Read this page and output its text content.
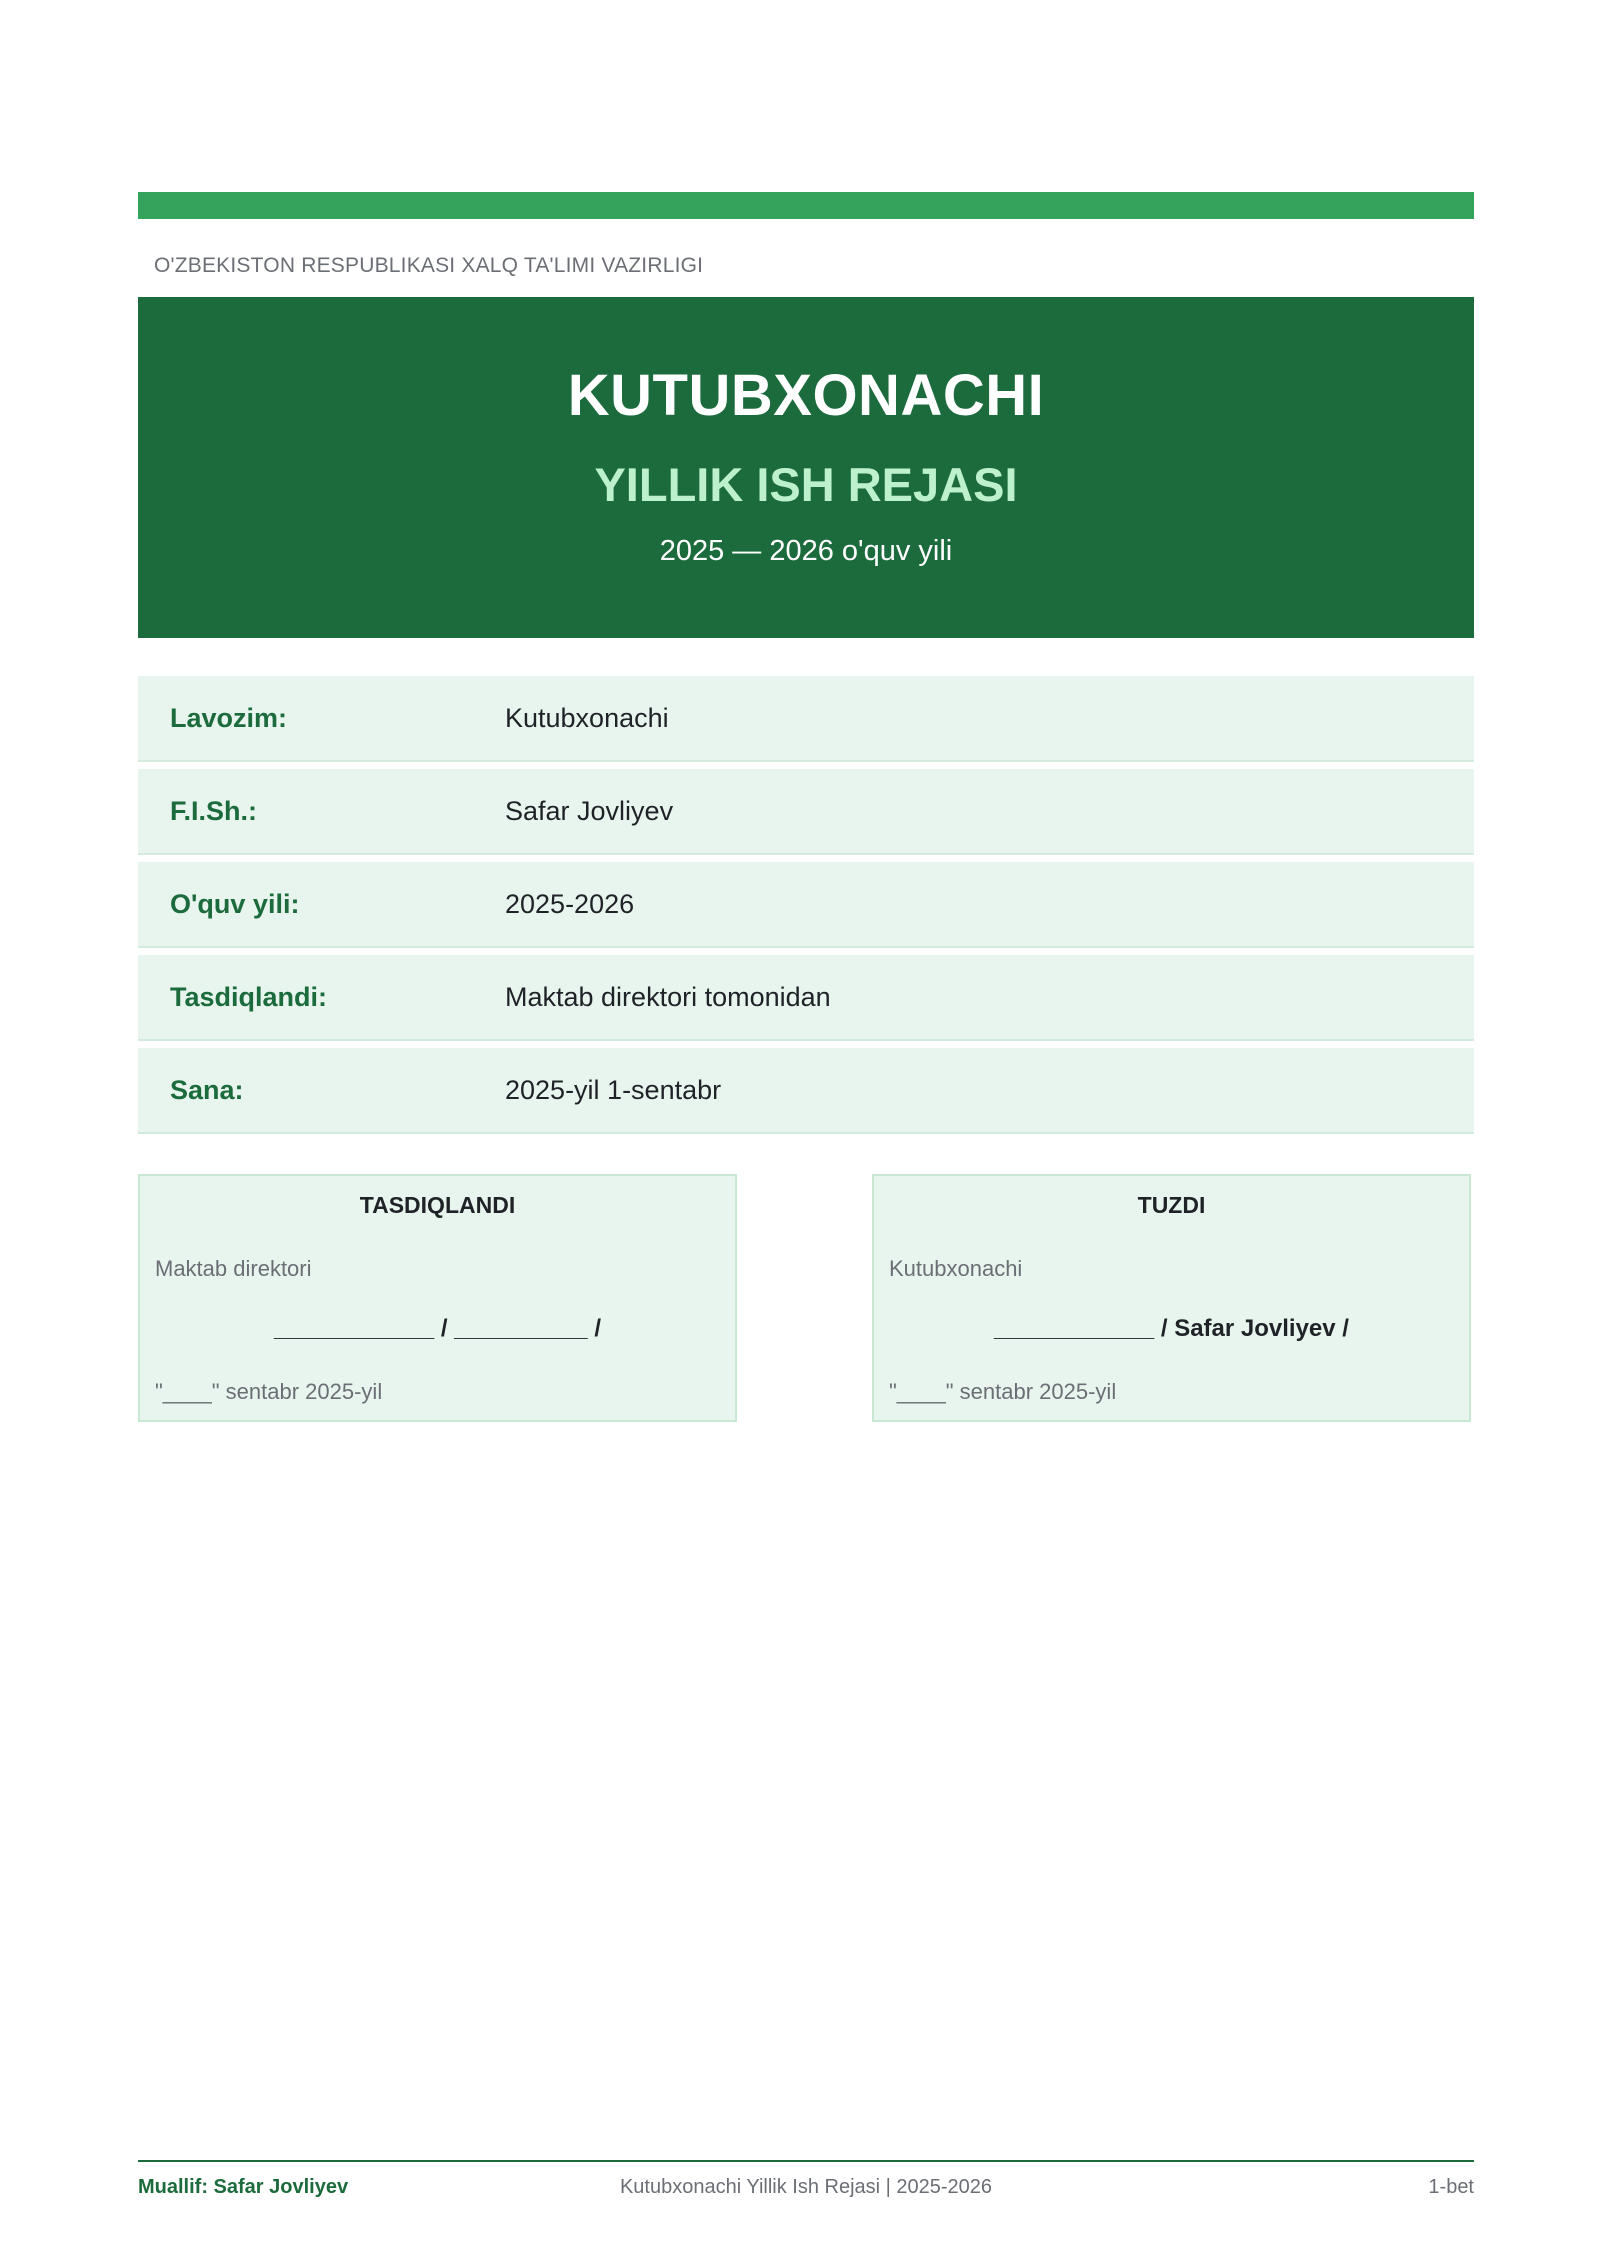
O'ZBEKISTON RESPUBLIKASI XALQ TA'LIMI VAZIRLIGI
KUTUBXONACHI
YILLIK ISH REJASI
2025 — 2026 o'quv yili
Lavozim:	Kutubxonachi
F.I.Sh.:	Safar Jovliyev
O'quv yili:	2025-2026
Tasdiqlandi:	Maktab direktori tomonidan
Sana:	2025-yil 1-sentabr
TASDIQLANDI
Maktab direktori
____________ / __________ /
"____" sentabr 2025-yil
TUZDI
Kutubxonachi
____________ / Safar Jovliyev /
"____" sentabr 2025-yil
Muallif: Safar Jovliyev	Kutubxonachi Yillik Ish Rejasi | 2025-2026	1-bet
